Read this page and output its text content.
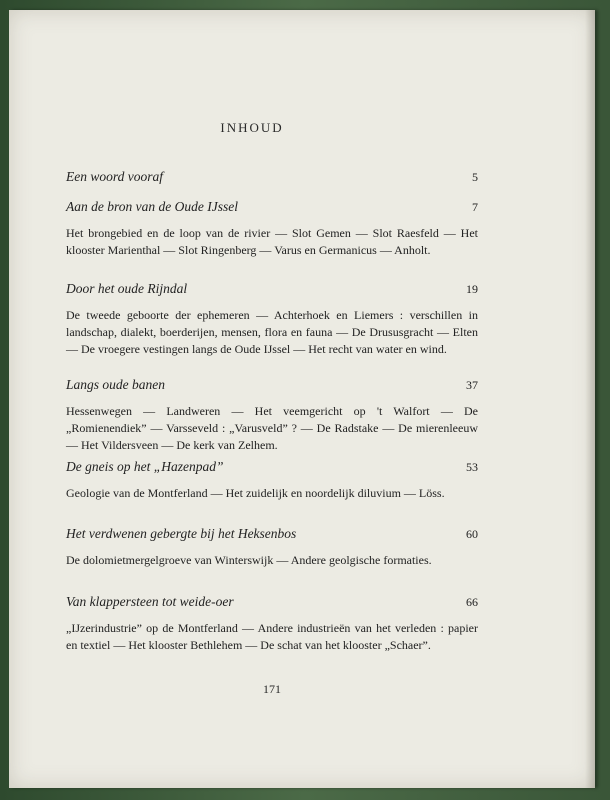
INHOUD
Een woord vooraf	5
Aan de bron van de Oude IJssel	7
Het brongebied en de loop van de rivier — Slot Gemen — Slot Raesfeld — Het klooster Marienthal — Slot Ringenberg — Varus en Germanicus — Anholt.
Door het oude Rijndal	19
De tweede geboorte der ephemeren — Achterhoek en Liemers : verschillen in landschap, dialekt, boerderijen, mensen, flora en fauna — De Drususgracht — Elten — De vroegere vestingen langs de Oude IJssel — Het recht van water en wind.
Langs oude banen	37
Hessenwegen — Landweren — Het veemgericht op 't Walfort — De „Romienendiek” — Varsseveld : „Varusveld” ? — De Radstake — De mierenleeuw — Het Vildersveen — De kerk van Zelhem.
De gneis op het „Hazenpad”	53
Geologie van de Montferland — Het zuidelijk en noordelijk diluvium — Löss.
Het verdwenen gebergte bij het Heksenbos	60
De dolomietmergelgroeve van Winterswijk — Andere geolgische formaties.
Van klappersteen tot weide-oer	66
„IJzerindustrie” op de Montferland — Andere industrieën van het verleden : papier en textiel — Het klooster Bethlehem — De schat van het klooster „Schaer”.
171
